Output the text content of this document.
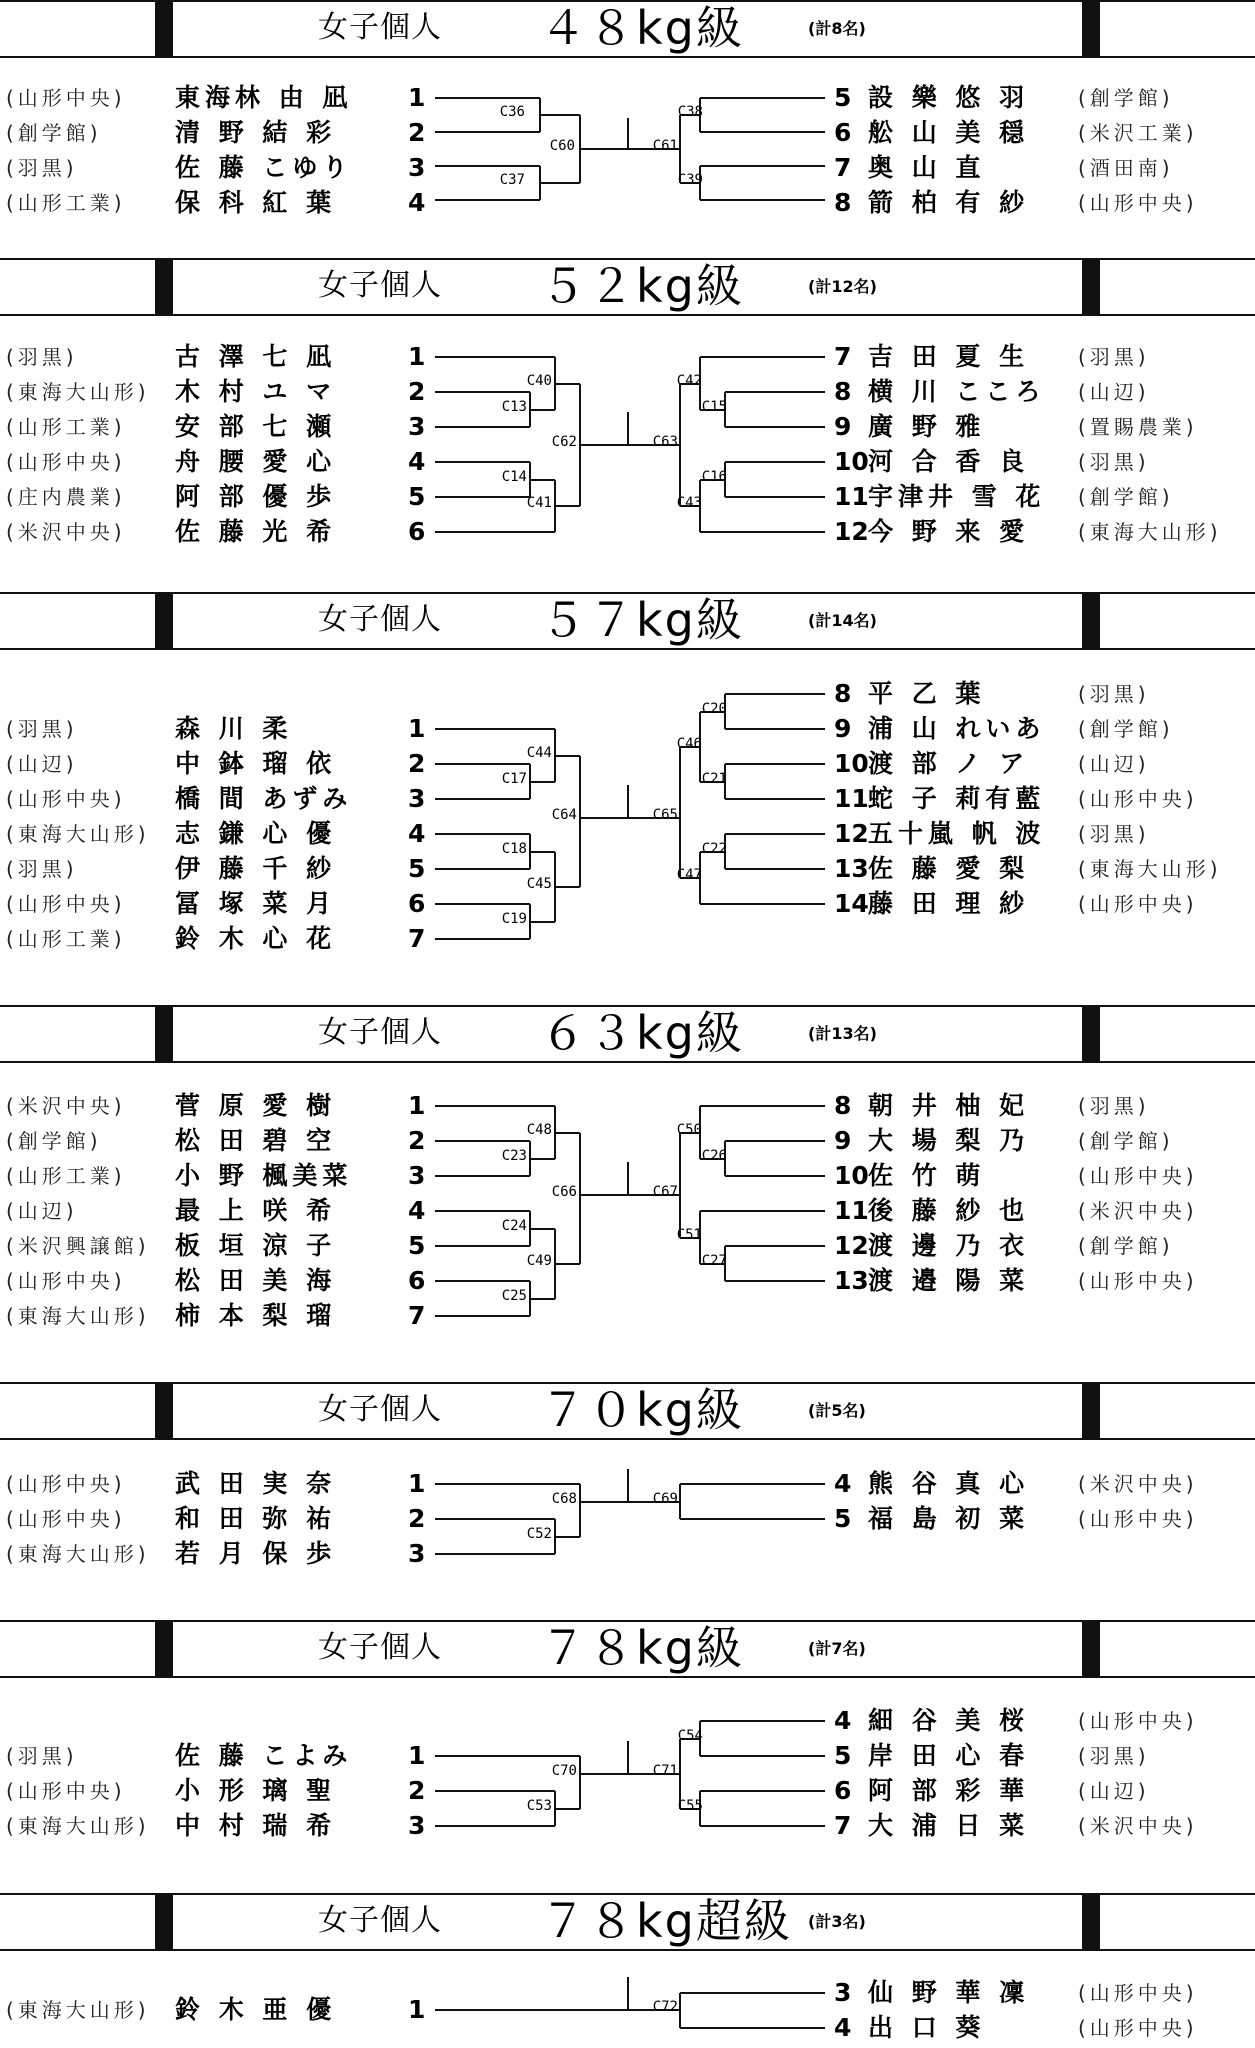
女子個人 ４８kg級	(計8名)
(山形中央) 東海林 由 凪 1
(創学館)	清 野 結 彩	2
(羽黒)	佐 藤 こゆり 3
(山形工業) 保 科 紅 葉	4
5 設 樂 悠 羽 (創学館)
6 舩 山 美 穏 (米沢工業)
7 奥 山 直	(酒田南)
8 箭 柏 有 紗 (山形中央)
C36
C37
C60
C38
C39
C61
女子個人 ５２kg級	(計12名)
(羽黒)	古 澤 七 凪	1
(東海大山形) 木 村 ユ マ	2
(山形工業) 安 部 七 瀬	3
(山形中央) 舟 腰 愛 心	4
(庄内農業) 阿 部 優 歩	5
(米沢中央) 佐 藤 光 希	6
7 吉 田 夏 生 (羽黒)
8 横 川 こころ (山辺)
9 廣 野 雅	(置賜農業)
10 河 合 香 良 (羽黒)
11 宇津井 雪 花 (創学館)
12 今 野 来 愛 (東海大山形)
C13
C40
C14
C41
C62
C15
C42
C16
C43
C63
女子個人 ５７kg級	(計14名)
(羽黒)	森 川 柔	1
(山辺)	中 鉢 瑠 依	2
(山形中央) 橋 間 あずみ 3
(東海大山形) 志 鎌 心 優	4
(羽黒)	伊 藤 千 紗	5
(山形中央) 冨 塚 菜 月	6
(山形工業) 鈴 木 心 花	7
8 平 乙 葉	(羽黒)
9 浦 山 れいあ (創学館)
10 渡 部 ノ ア (山辺)
11 蛇 子 莉有藍 (山形中央)
12 五十嵐 帆 波 (羽黒)
13 佐 藤 愛 梨 (東海大山形)
14 藤 田 理 紗 (山形中央)
C17
C44
C18
C19
C45
C64
C20
C21
C46
C22
C47
C65
女子個人 ６３kg級	(計13名)
(米沢中央) 菅 原 愛 樹	1
(創学館)	松 田 碧 空	2
(山形工業) 小 野 楓美菜 3
(山辺)	最 上 咲 希	4
(米沢興譲館) 板 垣 涼 子	5
(山形中央) 松 田 美 海	6
(東海大山形) 柿 本 梨 瑠	7
8 朝 井 柚 妃 (羽黒)
9 大 場 梨 乃 (創学館)
10 佐 竹 萌	(山形中央)
11 後 藤 紗 也 (米沢中央)
12 渡 邊 乃 衣 (創学館)
13 渡 邉 陽 菜 (山形中央)
C23
C48
C24
C25
C49
C66
C26
C50
C27
C51
C67
女子個人 ７０kg級	(計5名)
(山形中央) 武 田 実 奈	1
(山形中央) 和 田 弥 祐	2
(東海大山形) 若 月 保 歩	3
4 熊 谷 真 心 (米沢中央)
5 福 島 初 菜 (山形中央)
C52
C68	C69
女子個人 ７８kg級	(計7名)
(羽黒)	佐 藤 こよみ 1
(山形中央) 小 形 璃 聖	2
(東海大山形) 中 村 瑞 希	3
4 細 谷 美 桜 (山形中央)
5 岸 田 心 春 (羽黒)
6 阿 部 彩 華 (山辺)
7 大 浦 日 菜 (米沢中央)
C53
C70
C54
C55
C71
女子個人 ７８kg超級 (計3名)
(東海大山形) 鈴 木 亜 優	1
3 仙 野 華 凜 (山形中央)
4 出 口 葵	(山形中央)
C72
